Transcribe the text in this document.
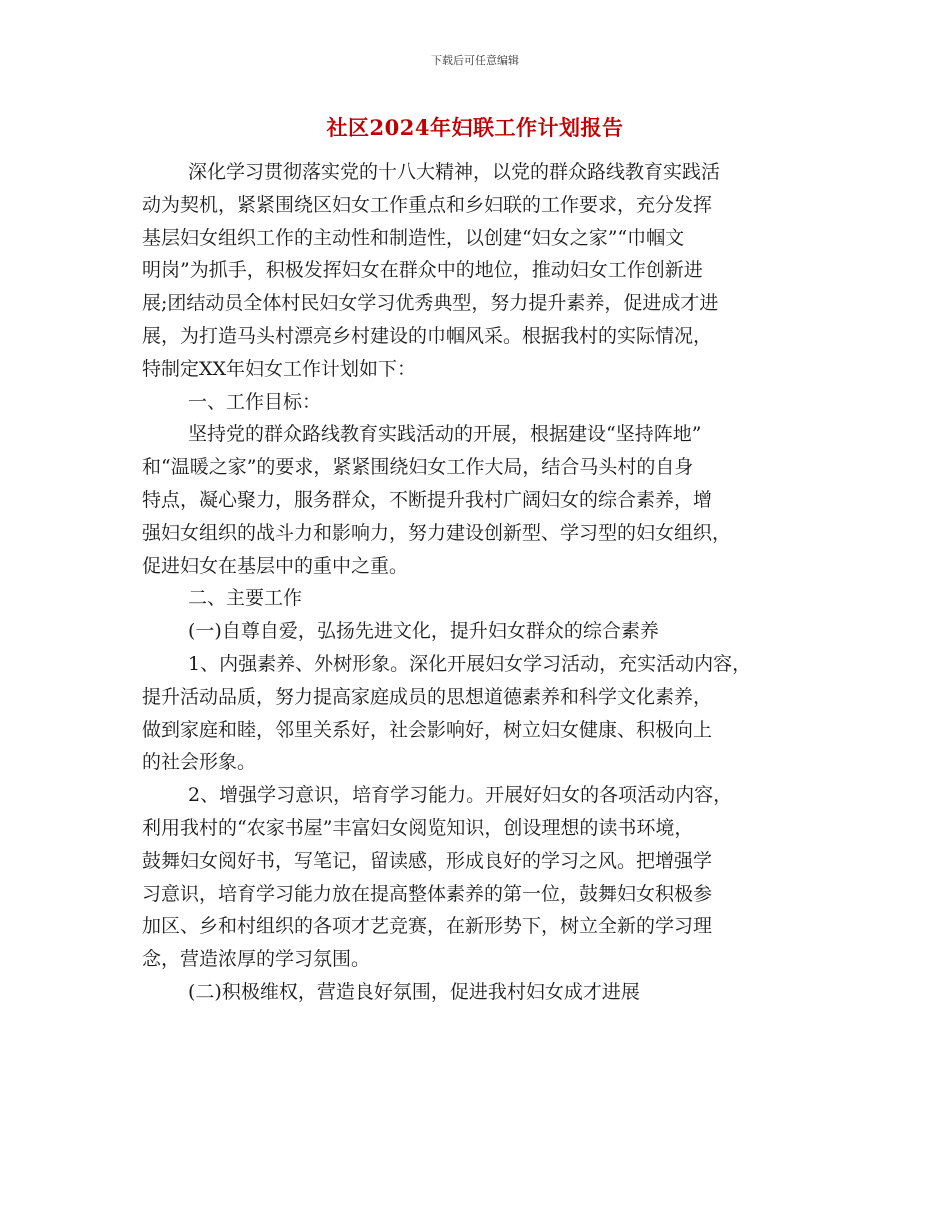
下载后可任意编辑
社区2024年妇联工作计划报告
深化学习贯彻落实党的十八大精神，以党的群众路线教育实践活
动为契机，紧紧围绕区妇女工作重点和乡妇联的工作要求，充分发挥
基层妇女组织工作的主动性和制造性，以创建“妇女之家”“巾帼文
明岗”为抓手，积极发挥妇女在群众中的地位，推动妇女工作创新进
展;团结动员全体村民妇女学习优秀典型，努力提升素养，促进成才进
展，为打造马头村漂亮乡村建设的巾帼风采。根据我村的实际情况，
特制定XX年妇女工作计划如下：
一、工作目标：
坚持党的群众路线教育实践活动的开展，根据建设“坚持阵地”
和“温暖之家”的要求，紧紧围绕妇女工作大局，结合马头村的自身
特点，凝心聚力，服务群众，不断提升我村广阔妇女的综合素养，增
强妇女组织的战斗力和影响力，努力建设创新型、学习型的妇女组织，
促进妇女在基层中的重中之重。
二、主要工作
(一)自尊自爱，弘扬先进文化，提升妇女群众的综合素养
1、内强素养、外树形象。深化开展妇女学习活动，充实活动内容，
提升活动品质，努力提高家庭成员的思想道德素养和科学文化素养，
做到家庭和睦，邻里关系好，社会影响好，树立妇女健康、积极向上
的社会形象。
2、增强学习意识，培育学习能力。开展好妇女的各项活动内容，
利用我村的“农家书屋”丰富妇女阅览知识，创设理想的读书环境，
鼓舞妇女阅好书，写笔记，留读感，形成良好的学习之风。把增强学
习意识，培育学习能力放在提高整体素养的第一位，鼓舞妇女积极参
加区、乡和村组织的各项才艺竞赛，在新形势下，树立全新的学习理
念，营造浓厚的学习氛围。
(二)积极维权，营造良好氛围，促进我村妇女成才进展
